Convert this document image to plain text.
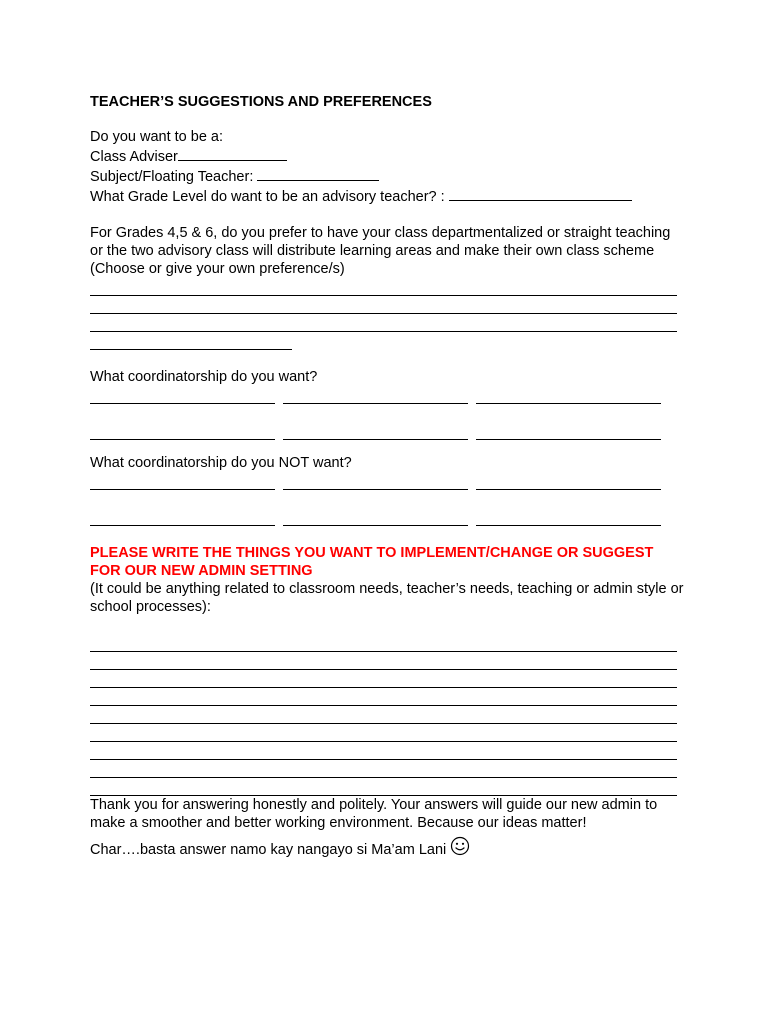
TEACHER’S SUGGESTIONS AND PREFERENCES

Do you want to be a:

Class Adviser

Subject/Floating Teacher:

What Grade Level do want to be an advisory teacher? :

For Grades 4,5 & 6, do you prefer to have your class departmentalized or straight teaching or the two advisory class will distribute learning areas and make their own class scheme (Choose or give your own preference/s)

What coordinatorship do you want?

What coordinatorship do you NOT want?

PLEASE WRITE THE THINGS YOU WANT TO IMPLEMENT/CHANGE OR SUGGEST FOR OUR NEW ADMIN SETTING

(It could be anything related to classroom needs, teacher’s needs, teaching or admin style or school processes):

Thank you for answering honestly and politely. Your answers will guide our new admin to make a smoother and better working environment. Because our ideas matter!

Char….basta answer namo kay nangayo si Ma’am Lani
